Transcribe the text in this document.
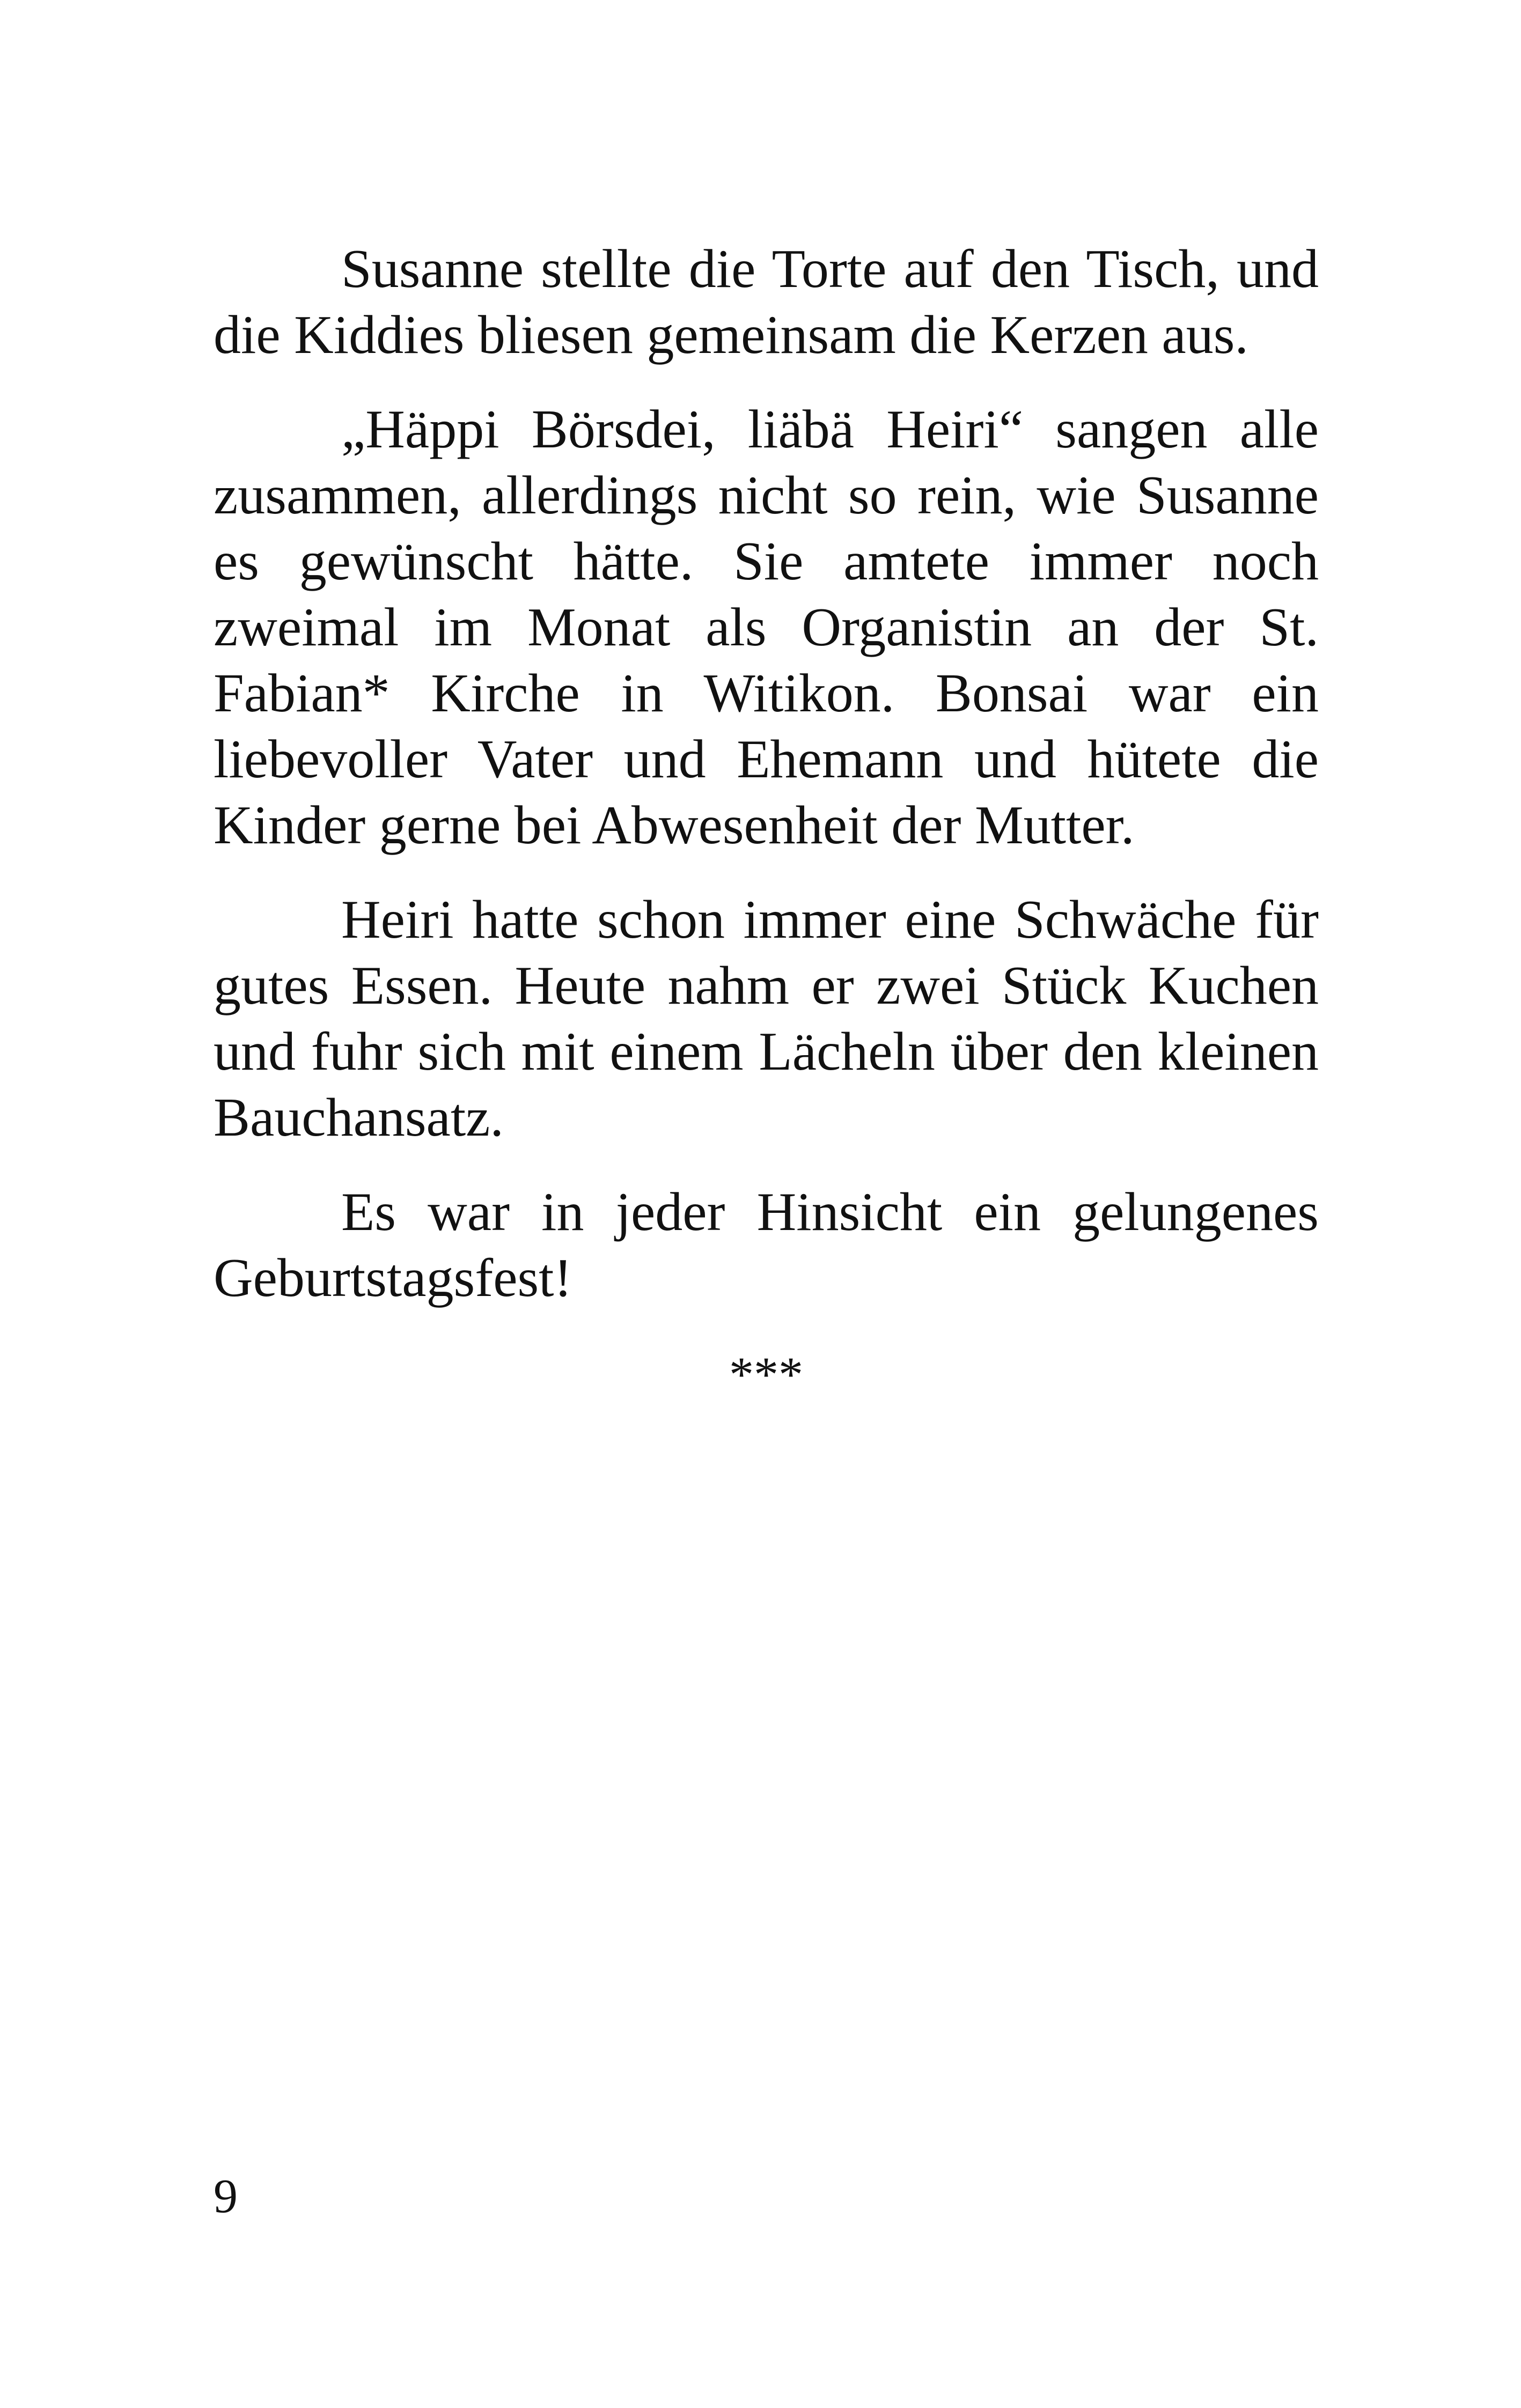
Susanne stellte die Torte auf den Tisch, und die Kiddies bliesen gemeinsam die Kerzen aus.

„Häppi Börsdei, liäbä Heiri“ sangen alle zusammen, allerdings nicht so rein, wie Susanne es gewünscht hätte. Sie amtete immer noch zweimal im Monat als Organistin an der St. Fabian* Kirche in Witikon. Bonsai war ein liebevoller Vater und Ehemann und hütete die Kinder gerne bei Abwesenheit der Mutter.

Heiri hatte schon immer eine Schwäche für gutes Essen. Heute nahm er zwei Stück Kuchen und fuhr sich mit einem Lächeln über den kleinen Bauchansatz.

Es war in jeder Hinsicht ein gelungenes Geburtstagsfest!

***

9
